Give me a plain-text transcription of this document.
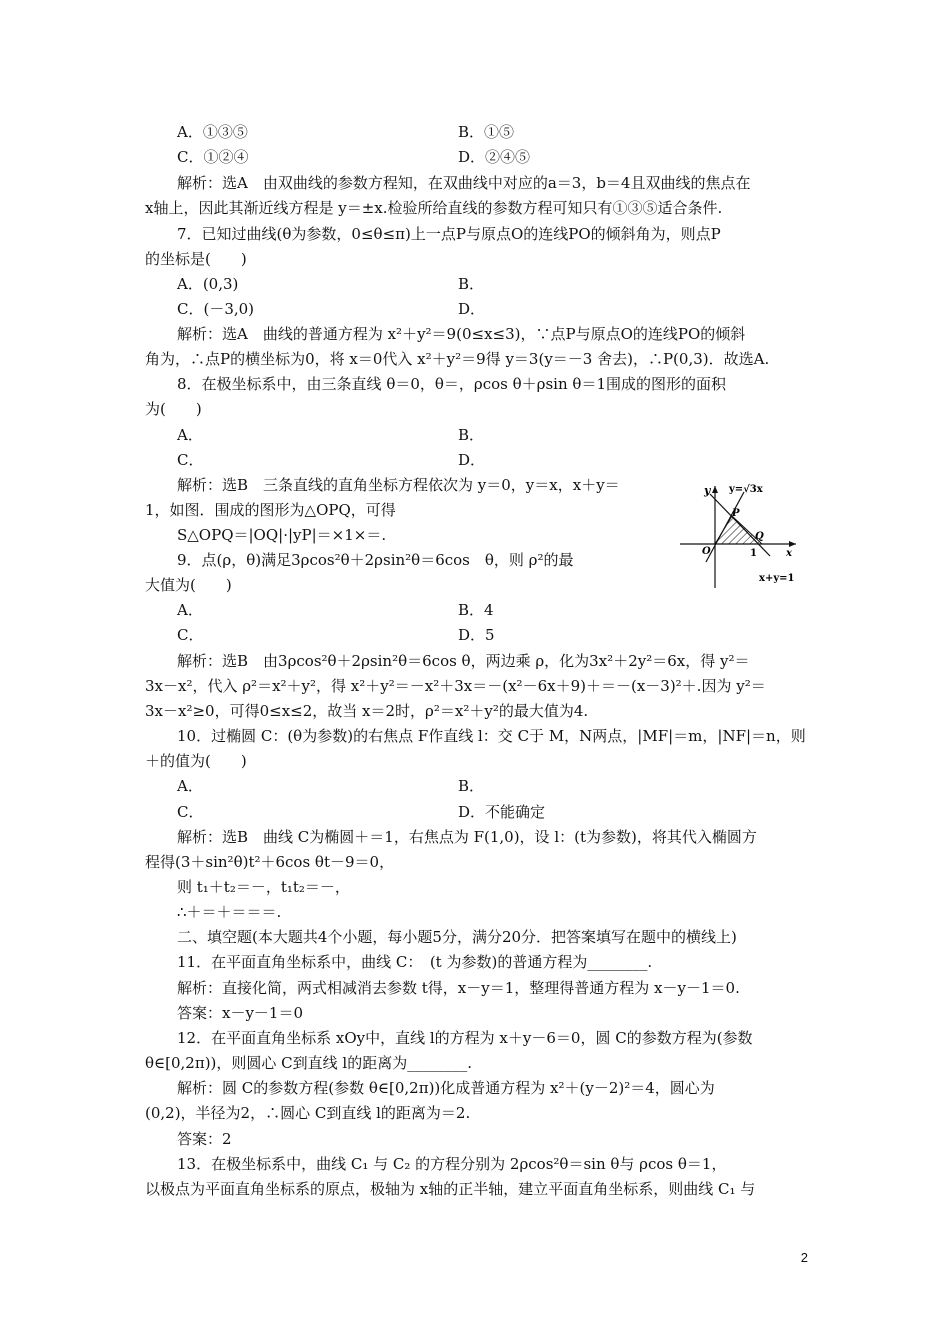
A．①③⑤	B．①⑤
C．①②④	D．②④⑤
解析：选A　由双曲线的参数方程知，在双曲线中对应的a＝3，b＝4且双曲线的焦点在
x轴上，因此其渐近线方程是 y＝±x.检验所给直线的参数方程可知只有①③⑤适合条件.
7．已知过曲线(θ为参数，0≤θ≤π)上一点P与原点O的连线PO的倾斜角为，则点P
的坐标是(　　)
A．(0,3)	B．
C．(－3,0)	D．
解析：选A　曲线的普通方程为 x²＋y²＝9(0≤x≤3)，∵点P与原点O的连线PO的倾斜
角为，∴点P的横坐标为0，将 x＝0代入 x²＋y²＝9得 y＝3(y＝－3 舍去)，∴P(0,3)．故选A.
8．在极坐标系中，由三条直线 θ＝0，θ＝，ρcos θ＋ρsin θ＝1围成的图形的面积
为(　　)
A．	B．
C．	D．
解析：选B　三条直线的直角坐标方程依次为 y＝0，y＝x，x＋y＝
1，如图．围成的图形为△OPQ，可得
S△OPQ＝|OQ|·|yP|＝×1×＝.
y y=√3x
P
Q
O	1	x
x+y=1
9．点(ρ，θ)满足3ρcos²θ＋2ρsin²θ＝6cos　θ，则 ρ²的最
大值为(　　)
A．	B．4
C．	D．5
解析：选B　由3ρcos²θ＋2ρsin²θ＝6cos θ，两边乘 ρ，化为3x²＋2y²＝6x，得 y²＝
3x－x²，代入 ρ²＝x²＋y²，得 x²＋y²＝－x²＋3x＝－(x²－6x＋9)＋＝－(x－3)²＋.因为 y²＝
3x－x²≥0，可得0≤x≤2，故当 x＝2时，ρ²＝x²＋y²的最大值为4.
10．过椭圆 C：(θ为参数)的右焦点 F作直线 l：交 C于 M，N两点，|MF|＝m，|NF|＝n，则
＋的值为(　　)
A．	B．
C．	D．不能确定
解析：选B　曲线 C为椭圆＋＝1，右焦点为 F(1,0)，设 l：(t为参数)，将其代入椭圆方
程得(3＋sin²θ)t²＋6cos θt－9＝0，
则 t₁＋t₂＝－，t₁t₂＝－，
∴＋＝＋＝＝＝.
二、填空题(本大题共4个小题，每小题5分，满分20分．把答案填写在题中的横线上)
11．在平面直角坐标系中，曲线 C：　(t 为参数)的普通方程为________.
解析：直接化简，两式相减消去参数 t得，x－y＝1，整理得普通方程为 x－y－1＝0.
答案：x－y－1＝0
12．在平面直角坐标系 xOy中，直线 l的方程为 x＋y－6＝0，圆 C的参数方程为(参数
θ∈[0,2π))，则圆心 C到直线 l的距离为________.
解析：圆 C的参数方程(参数 θ∈[0,2π))化成普通方程为 x²＋(y－2)²＝4，圆心为
(0,2)，半径为2，∴圆心 C到直线 l的距离为＝2.
答案：2
13．在极坐标系中，曲线 C₁ 与 C₂ 的方程分别为 2ρcos²θ＝sin θ与 ρcos θ＝1，
以极点为平面直角坐标系的原点，极轴为 x轴的正半轴，建立平面直角坐标系，则曲线 C₁ 与
2
